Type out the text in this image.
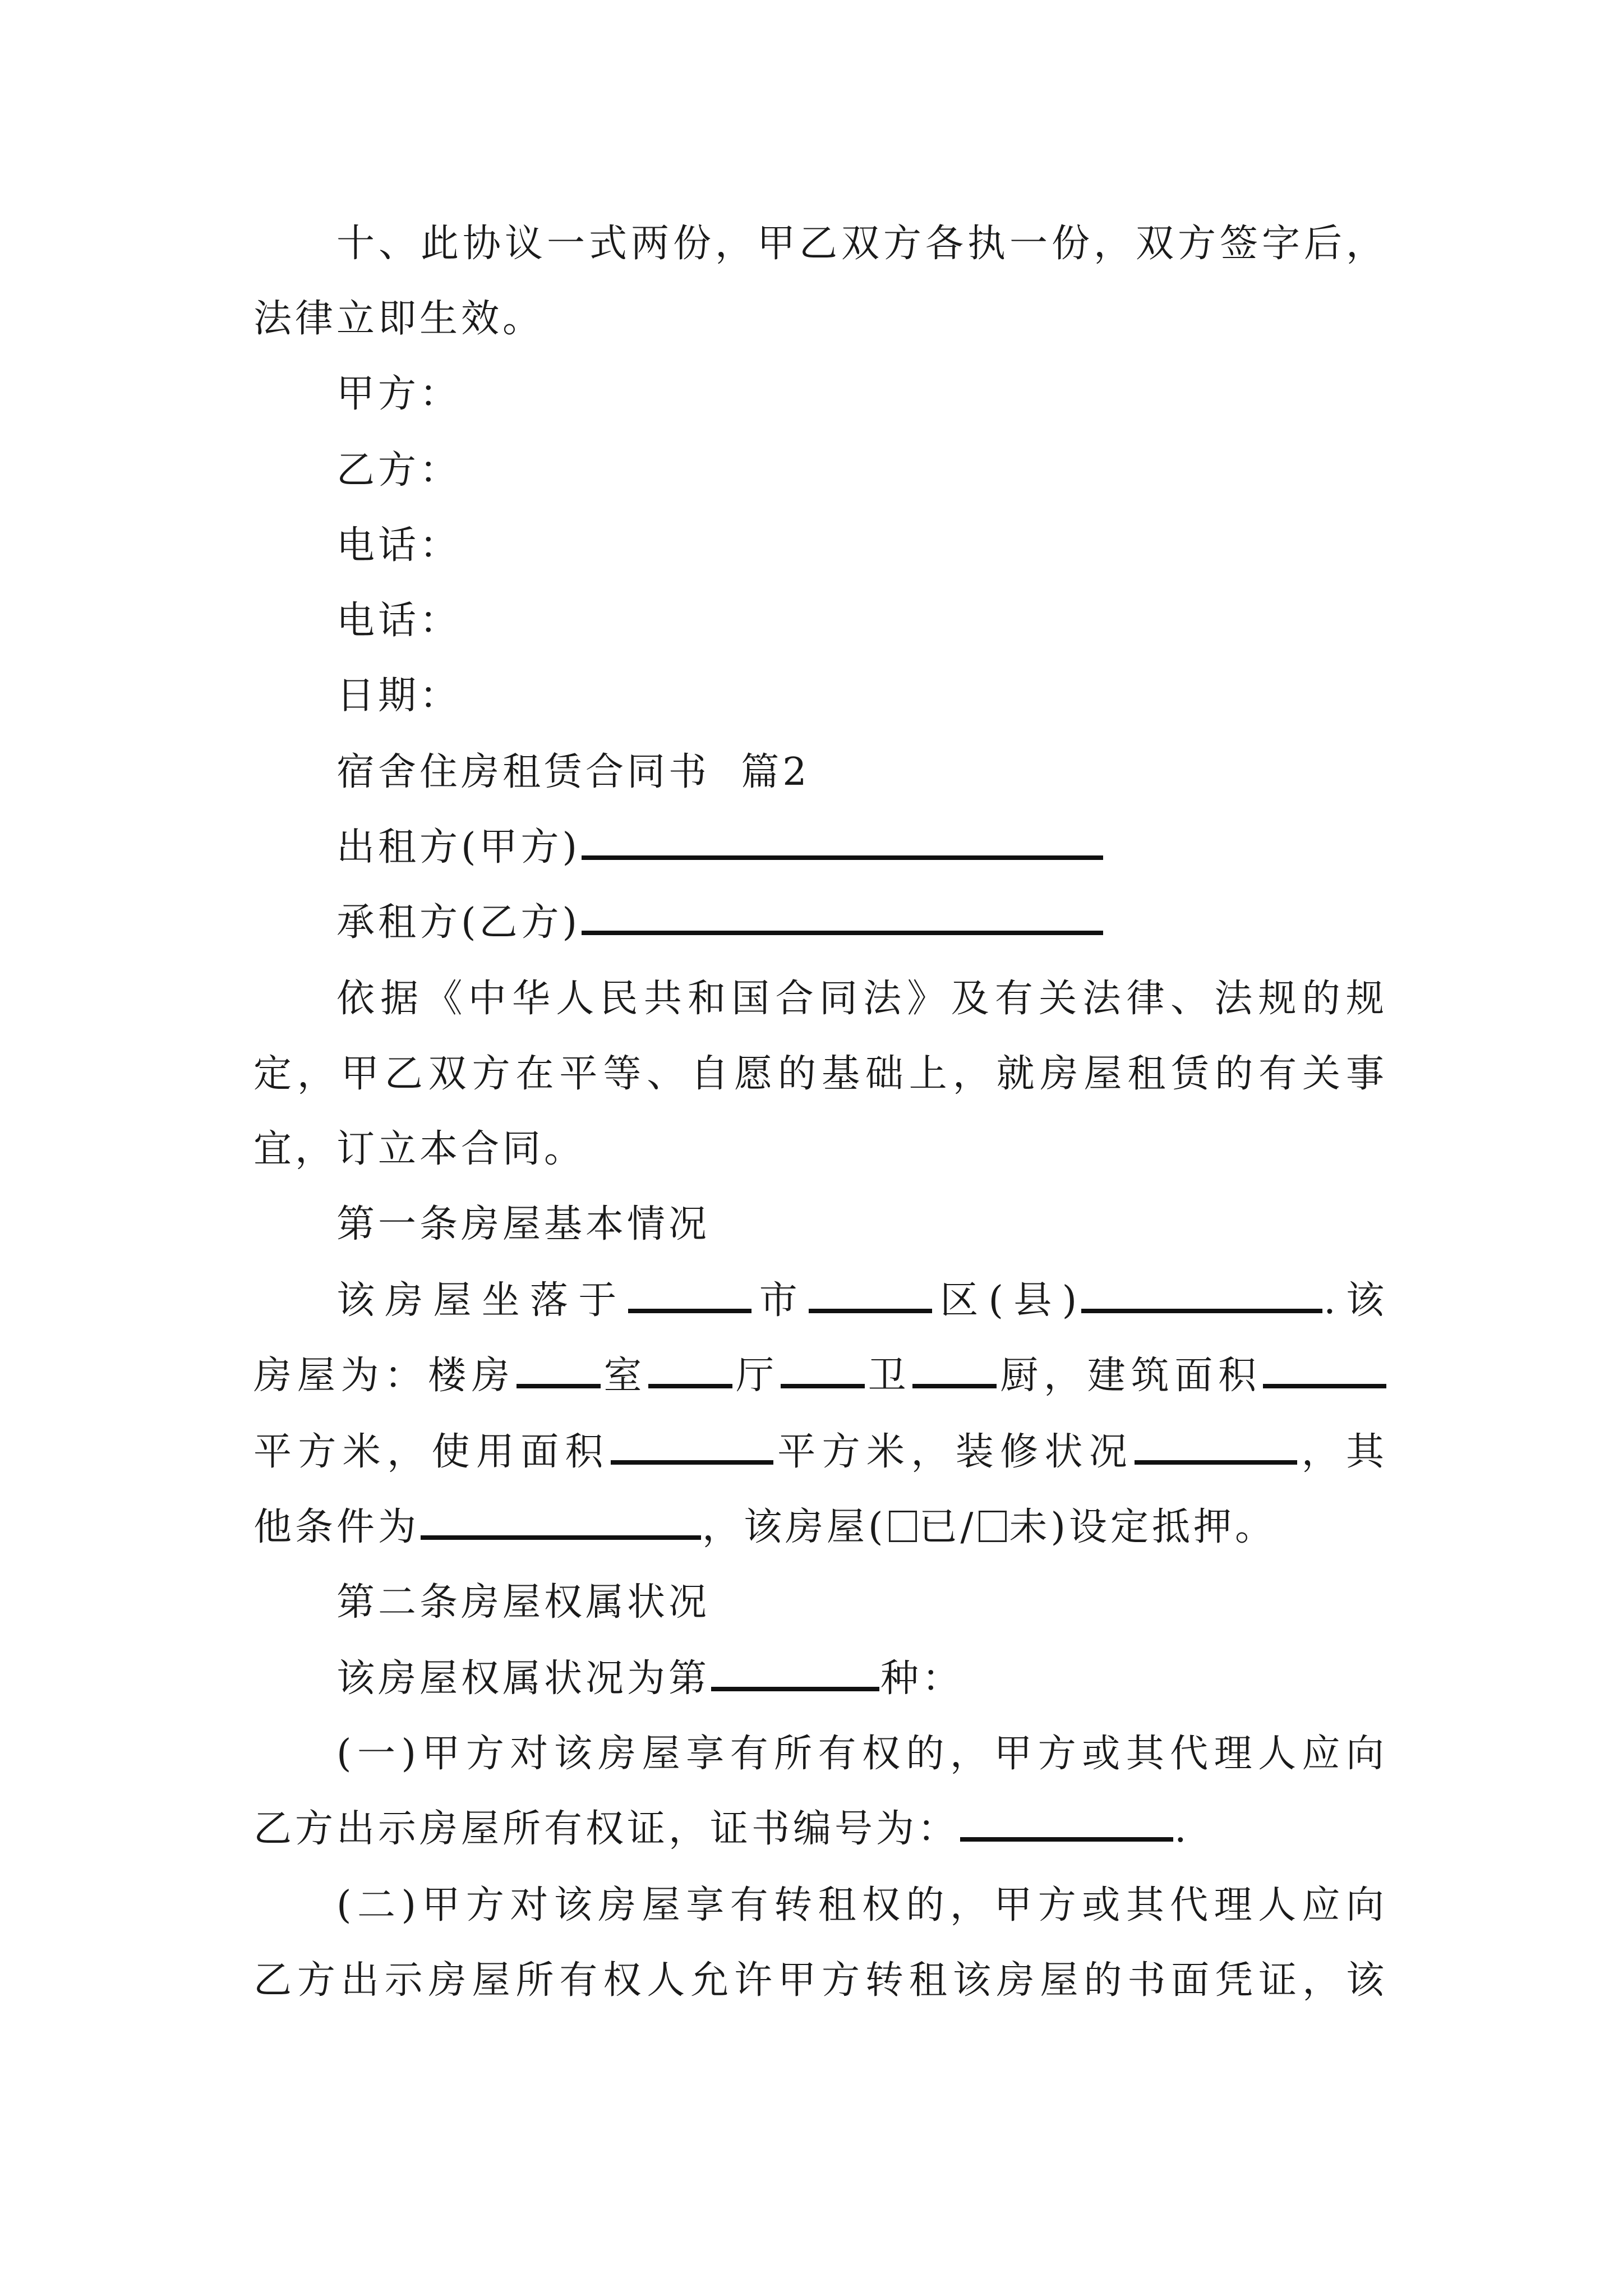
十、此协议一式两份，甲乙双方各执一份，双方签字后，
法律立即生效。
甲方：
乙方：
电话：
电话：
日期：
宿舍住房租赁合同书  篇2
出租方(甲方)
承租方(乙方)
依据《中华人民共和国合同法》及有关法律、法规的规
定，甲乙双方在平等、自愿的基础上，就房屋租赁的有关事
宜，订立本合同。
第一条房屋基本情况
该房屋坐落于	市	区(县)	.该
房屋为：楼房 室 厅 卫 厨，建筑面积
平方米，使用面积	平方米，装修状况	，其
他条件为	，该房屋( 已/ 未)设定抵押。
第二条房屋权属状况
该房屋权属状况为第	种：
(一)甲方对该房屋享有所有权的，甲方或其代理人应向
乙方出示房屋所有权证，证书编号为：	.
(二)甲方对该房屋享有转租权的，甲方或其代理人应向
乙方出示房屋所有权人允许甲方转租该房屋的书面凭证，该
